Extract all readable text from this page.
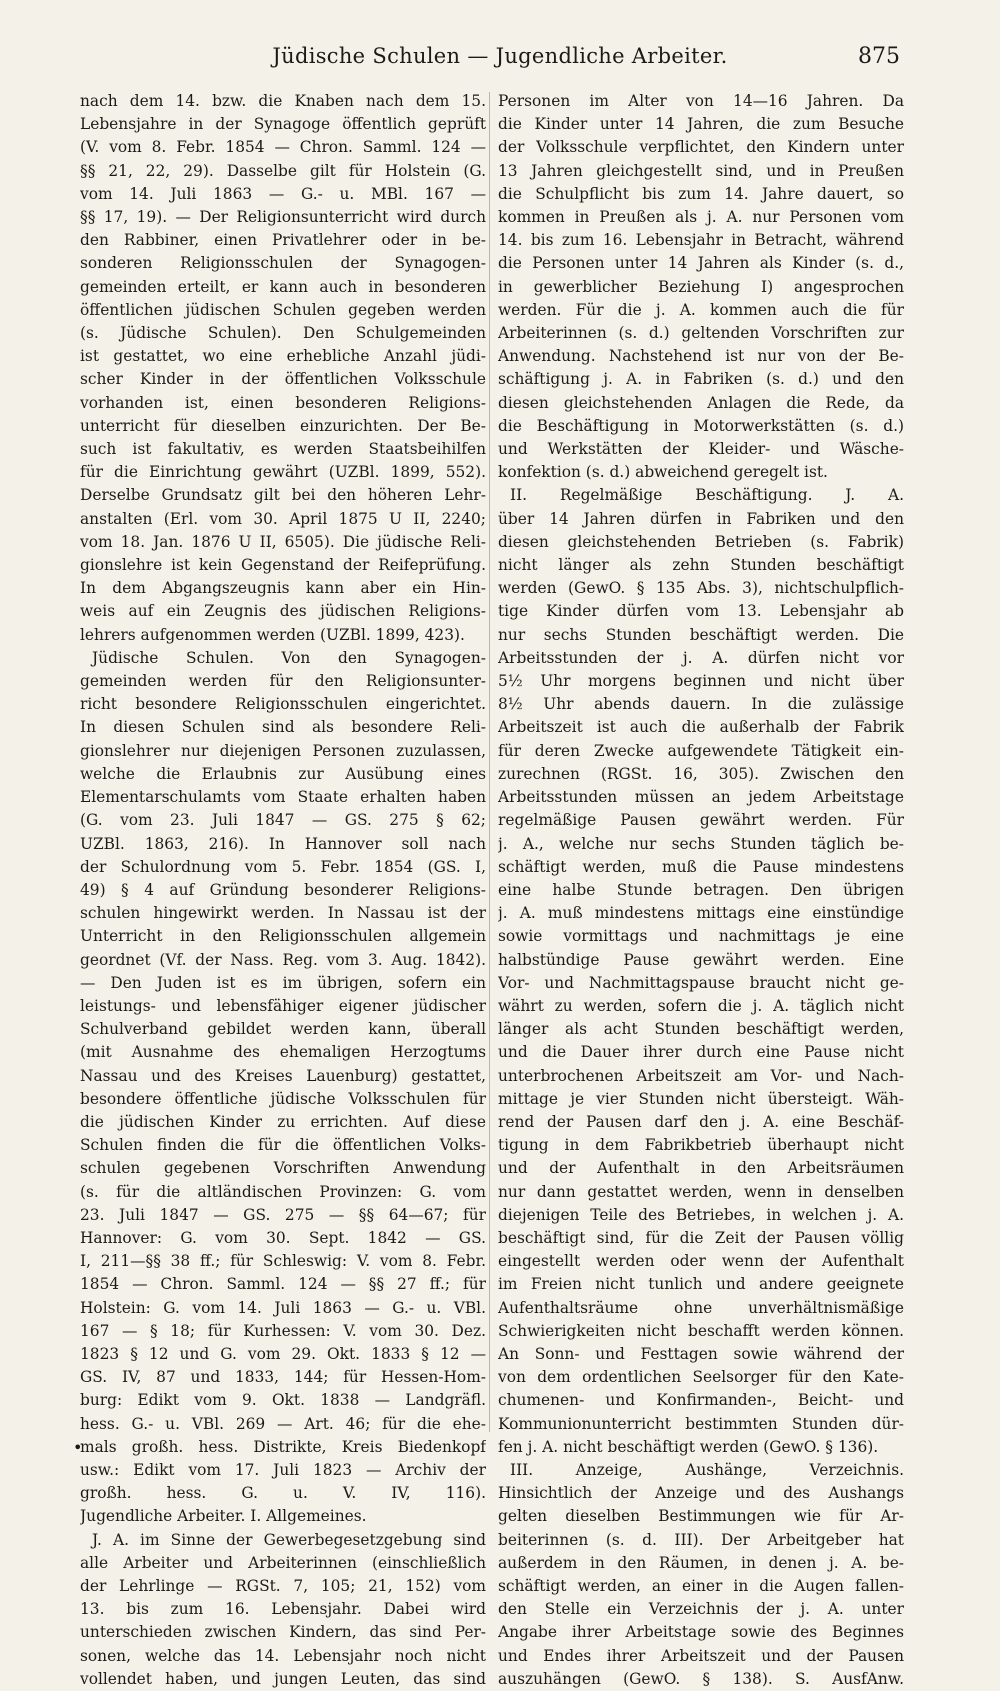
Jüdische Schulen — Jugendliche Arbeiter.	875
nach dem 14. bzw. die Knaben nach dem 15.
Lebensjahre in der Synagoge öffentlich geprüft
(V. vom 8. Febr. 1854 — Chron. Samml. 124 —
§§ 21, 22, 29). Dasselbe gilt für Holstein (G.
vom 14. Juli 1863 — G.- u. MBl. 167 —
§§ 17, 19). — Der Religionsunterricht wird durch
den Rabbiner, einen Privatlehrer oder in be-
sonderen Religionsschulen der Synagogen-
gemeinden erteilt, er kann auch in besonderen
öffentlichen jüdischen Schulen gegeben werden
(s. Jüdische Schulen). Den Schulgemeinden
ist gestattet, wo eine erhebliche Anzahl jüdi-
scher Kinder in der öffentlichen Volksschule
vorhanden ist, einen besonderen Religions-
unterricht für dieselben einzurichten. Der Be-
such ist fakultativ, es werden Staatsbeihilfen
für die Einrichtung gewährt (UZBl. 1899, 552).
Derselbe Grundsatz gilt bei den höheren Lehr-
anstalten (Erl. vom 30. April 1875 U II, 2240;
vom 18. Jan. 1876 U II, 6505). Die jüdische Reli-
gionslehre ist kein Gegenstand der Reifeprüfung.
In dem Abgangszeugnis kann aber ein Hin-
weis auf ein Zeugnis des jüdischen Religions-
lehrers aufgenommen werden (UZBl. 1899, 423).
Jüdische Schulen. Von den Synagogen-
gemeinden werden für den Religionsunter-
richt besondere Religionsschulen eingerichtet.
In diesen Schulen sind als besondere Reli-
gionslehrer nur diejenigen Personen zuzulassen,
welche die Erlaubnis zur Ausübung eines
Elementarschulamts vom Staate erhalten haben
(G. vom 23. Juli 1847 — GS. 275 § 62;
UZBl. 1863, 216). In Hannover soll nach
der Schulordnung vom 5. Febr. 1854 (GS. I,
49) § 4 auf Gründung besonderer Religions-
schulen hingewirkt werden. In Nassau ist der
Unterricht in den Religionsschulen allgemein
geordnet (Vf. der Nass. Reg. vom 3. Aug. 1842).
— Den Juden ist es im übrigen, sofern ein
leistungs- und lebensfähiger eigener jüdischer
Schulverband gebildet werden kann, überall
(mit Ausnahme des ehemaligen Herzogtums
Nassau und des Kreises Lauenburg) gestattet,
besondere öffentliche jüdische Volksschulen für
die jüdischen Kinder zu errichten. Auf diese
Schulen finden die für die öffentlichen Volks-
schulen gegebenen Vorschriften Anwendung
(s. für die altländischen Provinzen: G. vom
23. Juli 1847 — GS. 275 — §§ 64—67; für
Hannover: G. vom 30. Sept. 1842 — GS.
I, 211—§§ 38 ff.; für Schleswig: V. vom 8. Febr.
1854 — Chron. Samml. 124 — §§ 27 ff.; für
Holstein: G. vom 14. Juli 1863 — G.- u. VBl.
167 — § 18; für Kurhessen: V. vom 30. Dez.
1823 § 12 und G. vom 29. Okt. 1833 § 12 —
GS. IV, 87 und 1833, 144; für Hessen-Hom-
burg: Edikt vom 9. Okt. 1838 — Landgräfl.
hess. G.- u. VBl. 269 — Art. 46; für die ehe-
mals großh. hess. Distrikte, Kreis Biedenkopf
usw.: Edikt vom 17. Juli 1823 — Archiv der
großh. hess. G. u. V. IV, 116).
Jugendliche Arbeiter. I. Allgemeines.
J. A. im Sinne der Gewerbegesetzgebung sind
alle Arbeiter und Arbeiterinnen (einschließlich
der Lehrlinge — RGSt. 7, 105; 21, 152) vom
13. bis zum 16. Lebensjahr. Dabei wird
unterschieden zwischen Kindern, das sind Per-
sonen, welche das 14. Lebensjahr noch nicht
vollendet haben, und jungen Leuten, das sind
Personen im Alter von 14—16 Jahren. Da
die Kinder unter 14 Jahren, die zum Besuche
der Volksschule verpflichtet, den Kindern unter
13 Jahren gleichgestellt sind, und in Preußen
die Schulpflicht bis zum 14. Jahre dauert, so
kommen in Preußen als j. A. nur Personen vom
14. bis zum 16. Lebensjahr in Betracht, während
die Personen unter 14 Jahren als Kinder (s. d.,
in gewerblicher Beziehung I) angesprochen
werden. Für die j. A. kommen auch die für
Arbeiterinnen (s. d.) geltenden Vorschriften zur
Anwendung. Nachstehend ist nur von der Be-
schäftigung j. A. in Fabriken (s. d.) und den
diesen gleichstehenden Anlagen die Rede, da
die Beschäftigung in Motorwerkstätten (s. d.)
und Werkstätten der Kleider- und Wäsche-
konfektion (s. d.) abweichend geregelt ist.
II. Regelmäßige Beschäftigung. J. A.
über 14 Jahren dürfen in Fabriken und den
diesen gleichstehenden Betrieben (s. Fabrik)
nicht länger als zehn Stunden beschäftigt
werden (GewO. § 135 Abs. 3), nichtschulpflich-
tige Kinder dürfen vom 13. Lebensjahr ab
nur sechs Stunden beschäftigt werden. Die
Arbeitsstunden der j. A. dürfen nicht vor
5½ Uhr morgens beginnen und nicht über
8½ Uhr abends dauern. In die zulässige
Arbeitszeit ist auch die außerhalb der Fabrik
für deren Zwecke aufgewendete Tätigkeit ein-
zurechnen (RGSt. 16, 305). Zwischen den
Arbeitsstunden müssen an jedem Arbeitstage
regelmäßige Pausen gewährt werden. Für
j. A., welche nur sechs Stunden täglich be-
schäftigt werden, muß die Pause mindestens
eine halbe Stunde betragen. Den übrigen
j. A. muß mindestens mittags eine einstündige
sowie vormittags und nachmittags je eine
halbstündige Pause gewährt werden. Eine
Vor- und Nachmittagspause braucht nicht ge-
währt zu werden, sofern die j. A. täglich nicht
länger als acht Stunden beschäftigt werden,
und die Dauer ihrer durch eine Pause nicht
unterbrochenen Arbeitszeit am Vor- und Nach-
mittage je vier Stunden nicht übersteigt. Wäh-
rend der Pausen darf den j. A. eine Beschäf-
tigung in dem Fabrikbetrieb überhaupt nicht
und der Aufenthalt in den Arbeitsräumen
nur dann gestattet werden, wenn in denselben
diejenigen Teile des Betriebes, in welchen j. A.
beschäftigt sind, für die Zeit der Pausen völlig
eingestellt werden oder wenn der Aufenthalt
im Freien nicht tunlich und andere geeignete
Aufenthaltsräume ohne unverhältnismäßige
Schwierigkeiten nicht beschafft werden können.
An Sonn- und Festtagen sowie während der
von dem ordentlichen Seelsorger für den Kate-
chumenen- und Konfirmanden-, Beicht- und
Kommunionunterricht bestimmten Stunden dür-
fen j. A. nicht beschäftigt werden (GewO. § 136).
III. Anzeige, Aushänge, Verzeichnis.
Hinsichtlich der Anzeige und des Aushangs
gelten dieselben Bestimmungen wie für Ar-
beiterinnen (s. d. III). Der Arbeitgeber hat
außerdem in den Räumen, in denen j. A. be-
schäftigt werden, an einer in die Augen fallen-
den Stelle ein Verzeichnis der j. A. unter
Angabe ihrer Arbeitstage sowie des Beginnes
und Endes ihrer Arbeitszeit und der Pausen
auszuhängen (GewO. § 138). S. AusfAnw.
•
